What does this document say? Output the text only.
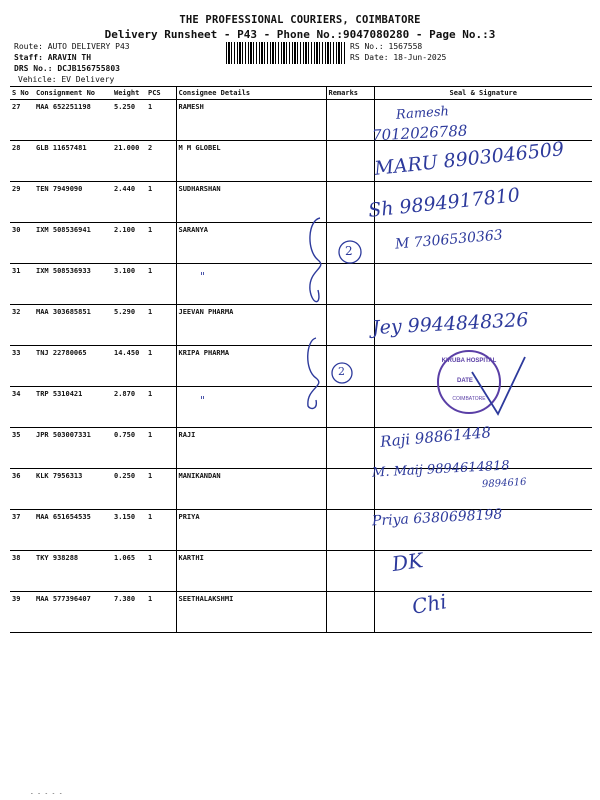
THE PROFESSIONAL COURIERS, COIMBATORE
Delivery Runsheet - P43 - Phone No.:9047080280 - Page No.:3
Route: AUTO DELIVERY P43
Staff: ARAVIN TH
DRS No.: DCJB156755803
Vehicle: EV Delivery
RS No.: 1567558
RS Date: 18-Jun-2025
S No	Consignment No	Weight	PCS	Consignee Details	Remarks	Seal & Signature
27	MAA 652251198	5.250	1	RAMESH		
28	GLB 11657481	21.000	2	M M GLOBEL		
29	TEN 7949090	2.440	1	SUDHARSHAN		
30	IXM 508536941	2.100	1	SARANYA		
31	IXM 508536933	3.100	1			
32	MAA 303685851	5.290	1	JEEVAN PHARMA		
33	TNJ 22780065	14.450	1	KRIPA PHARMA		
34	TRP 5310421	2.870	1			
35	JPR 503007331	0.750	1	RAJI		
36	KLK 7956313	0.250	1	MANIKANDAN		
37	MAA 651654535	3.150	1	PRIYA		
38	TKY 938288	1.065	1	KARTHI		
39	MAA 577396407	7.380	1	SEETHALAKSHMI		
Ramesh
7012026788
MARU 8903046509
Sh 9894917810
M 7306530363
Jey 9944848326
Raji 98861448
M. Maij 9894614818
9894616
Priya 6380698198
DK
Chi
"
"
2
2
KIRUBA HOSPITAL
DATE
COIMBATORE
- - - - -
